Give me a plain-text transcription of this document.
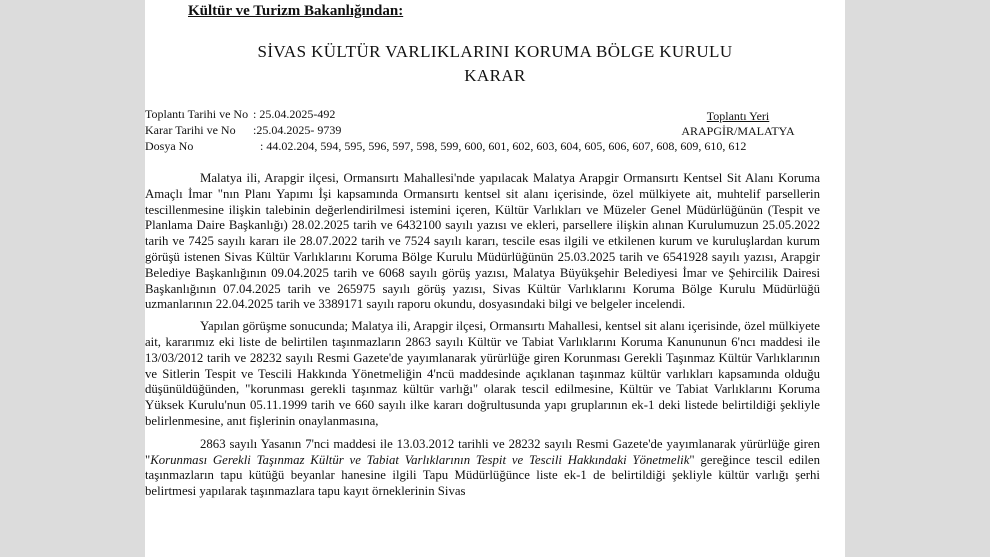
Kültür ve Turizm Bakanlığından:
SİVAS KÜLTÜR VARLIKLARINI KORUMA BÖLGE KURULU
KARAR
Toplantı Tarihi ve No : 25.04.2025-492
Karar Tarihi ve No :25.04.2025- 9739
Dosya No	: 44.02.204, 594, 595, 596, 597, 598, 599, 600, 601, 602, 603, 604, 605, 606, 607, 608, 609, 610, 612
Toplantı Yeri
ARAPGİR/MALATYA

Malatya ili, Arapgir ilçesi, Ormansırtı Mahallesi'nde yapılacak Malatya Arapgir Ormansırtı Kentsel Sit Alanı Koruma Amaçlı İmar "nın Planı Yapımı İşi kapsamında Ormansırtı kentsel sit alanı içerisinde, özel mülkiyete ait, muhtelif parsellerin tescillenmesine ilişkin talebinin değerlendirilmesi istemini içeren, Kültür Varlıkları ve Müzeler Genel Müdürlüğünün (Tespit ve Planlama Daire Başkanlığı) 28.02.2025 tarih ve 6432100 sayılı yazısı ve ekleri, parsellere ilişkin alınan Kurulumuzun 25.05.2022 tarih ve 7425 sayılı kararı ile 28.07.2022 tarih ve 7524 sayılı kararı, tescile esas ilgili ve etkilenen kurum ve kuruluşlardan kurum görüşü istenen Sivas Kültür Varlıklarını Koruma Bölge Kurulu Müdürlüğünün 25.03.2025 tarih ve 6541928 sayılı yazısı, Arapgir Belediye Başkanlığının 09.04.2025 tarih ve 6068 sayılı görüş yazısı, Malatya Büyükşehir Belediyesi İmar ve Şehircilik Dairesi Başkanlığının 07.04.2025 tarih ve 265975 sayılı görüş yazısı, Sivas Kültür Varlıklarını Koruma Bölge Kurulu Müdürlüğü uzmanlarının 22.04.2025 tarih ve 3389171 sayılı raporu okundu, dosyasındaki bilgi ve belgeler incelendi.

Yapılan görüşme sonucunda; Malatya ili, Arapgir ilçesi, Ormansırtı Mahallesi, kentsel sit alanı içerisinde, özel mülkiyete ait, kararımız eki liste de belirtilen taşınmazların 2863 sayılı Kültür ve Tabiat Varlıklarını Koruma Kanununun 6'ncı maddesi ile 13/03/2012 tarih ve 28232 sayılı Resmi Gazete'de yayımlanarak yürürlüğe giren Korunması Gerekli Taşınmaz Kültür Varlıklarının ve Sitlerin Tespit ve Tescili Hakkında Yönetmeliğin 4'ncü maddesinde açıklanan taşınmaz kültür varlıkları kapsamında olduğu düşünüldüğünden, "korunması gerekli taşınmaz kültür varlığı" olarak tescil edilmesine, Kültür ve Tabiat Varlıklarını Koruma Yüksek Kurulu'nun 05.11.1999 tarih ve 660 sayılı ilke kararı doğrultusunda yapı gruplarının ek-1 deki listede belirtildiği şekliyle belirlenmesine, anıt fişlerinin onaylanmasına,

2863 sayılı Yasanın 7'nci maddesi ile 13.03.2012 tarihli ve 28232 sayılı Resmi Gazete'de yayımlanarak yürürlüğe giren "Korunması Gerekli Taşınmaz Kültür ve Tabiat Varlıklarının Tespit ve Tescili Hakkındaki Yönetmelik" gereğince tescil edilen taşınmazların tapu kütüğü beyanlar hanesine ilgili Tapu Müdürlüğünce liste ek-1 de belirtildiği şekliyle kültür varlığı şerhi belirtmesi yapılarak taşınmazlara tapu kayıt örneklerinin Sivas
